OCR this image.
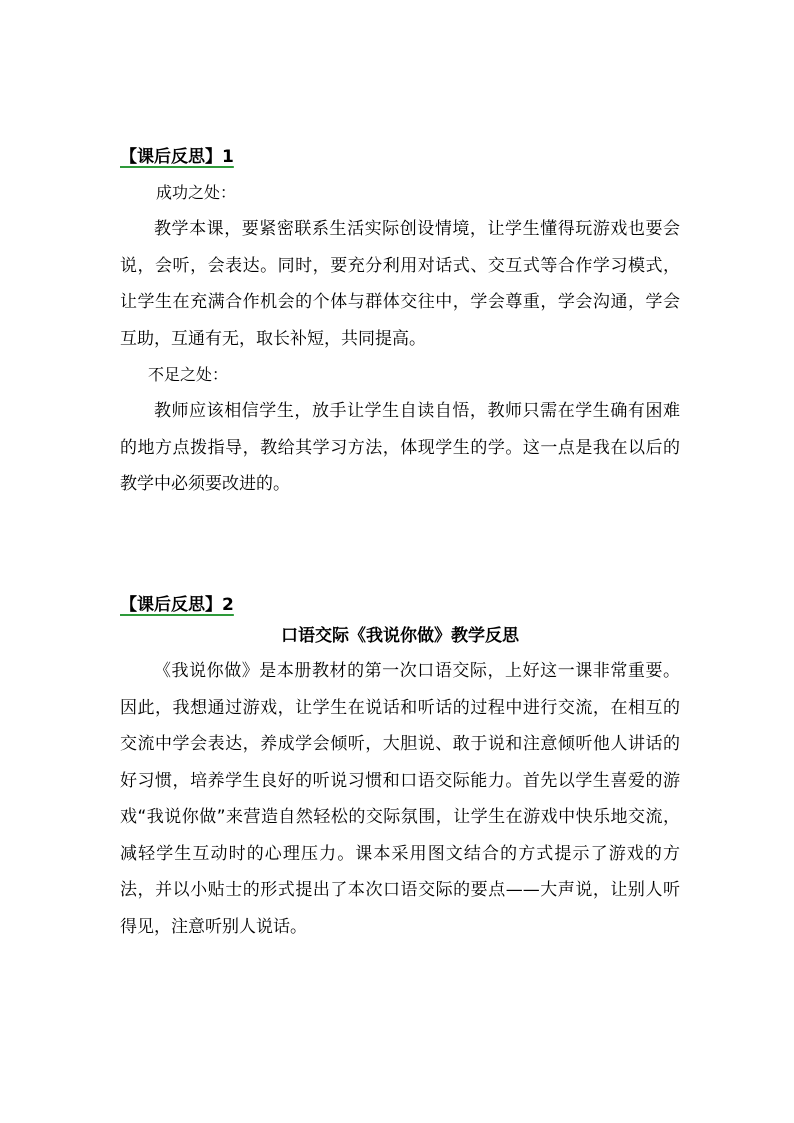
【课后反思】1
成功之处：

教学本课，要紧密联系生活实际创设情境，让学生懂得玩游戏也要会说，会听，会表达。同时，要充分利用对话式、交互式等合作学习模式，让学生在充满合作机会的个体与群体交往中，学会尊重，学会沟通，学会互助，互通有无，取长补短，共同提高。

不足之处：

教师应该相信学生，放手让学生自读自悟，教师只需在学生确有困难的地方点拨指导，教给其学习方法，体现学生的学。这一点是我在以后的教学中必须要改进的。

【课后反思】2
口语交际《我说你做》教学反思

《我说你做》是本册教材的第一次口语交际，上好这一课非常重要。因此，我想通过游戏，让学生在说话和听话的过程中进行交流，在相互的交流中学会表达，养成学会倾听，大胆说、敢于说和注意倾听他人讲话的好习惯，培养学生良好的听说习惯和口语交际能力。首先以学生喜爱的游戏“我说你做”来营造自然轻松的交际氛围，让学生在游戏中快乐地交流，减轻学生互动时的心理压力。课本采用图文结合的方式提示了游戏的方法，并以小贴士的形式提出了本次口语交际的要点——大声说，让别人听得见，注意听别人说话。
